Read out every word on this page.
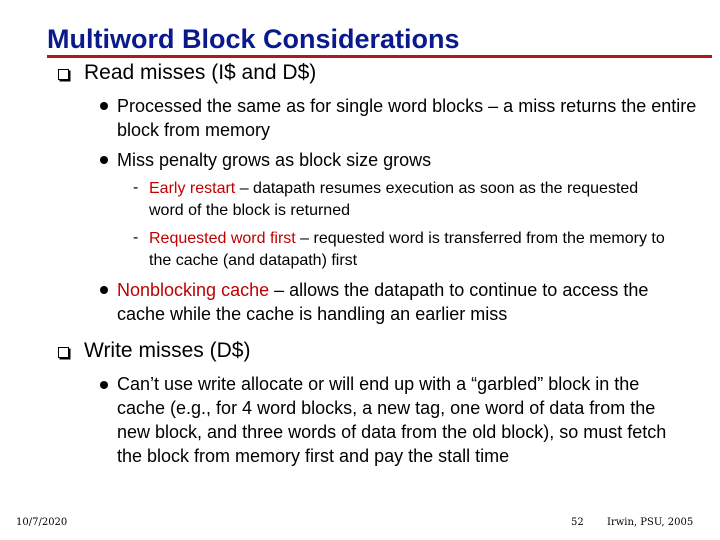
Multiword Block Considerations
Read misses (I$ and D$)
Processed the same as for single word blocks – a miss returns the entire block from memory
Miss penalty grows as block size grows
- Early restart – datapath resumes execution as soon as the requested word of the block is returned
- Requested word first – requested word is transferred from the memory to the cache (and datapath) first
Nonblocking cache – allows the datapath to continue to access the cache while the cache is handling an earlier miss
Write misses (D$)
Can’t use write allocate or will end up with a “garbled” block in the cache (e.g., for 4 word blocks, a new tag, one word of data from the new block, and three words of data from the old block), so must fetch the block from memory first and pay the stall time
10/7/2020	52 Irwin, PSU, 2005
